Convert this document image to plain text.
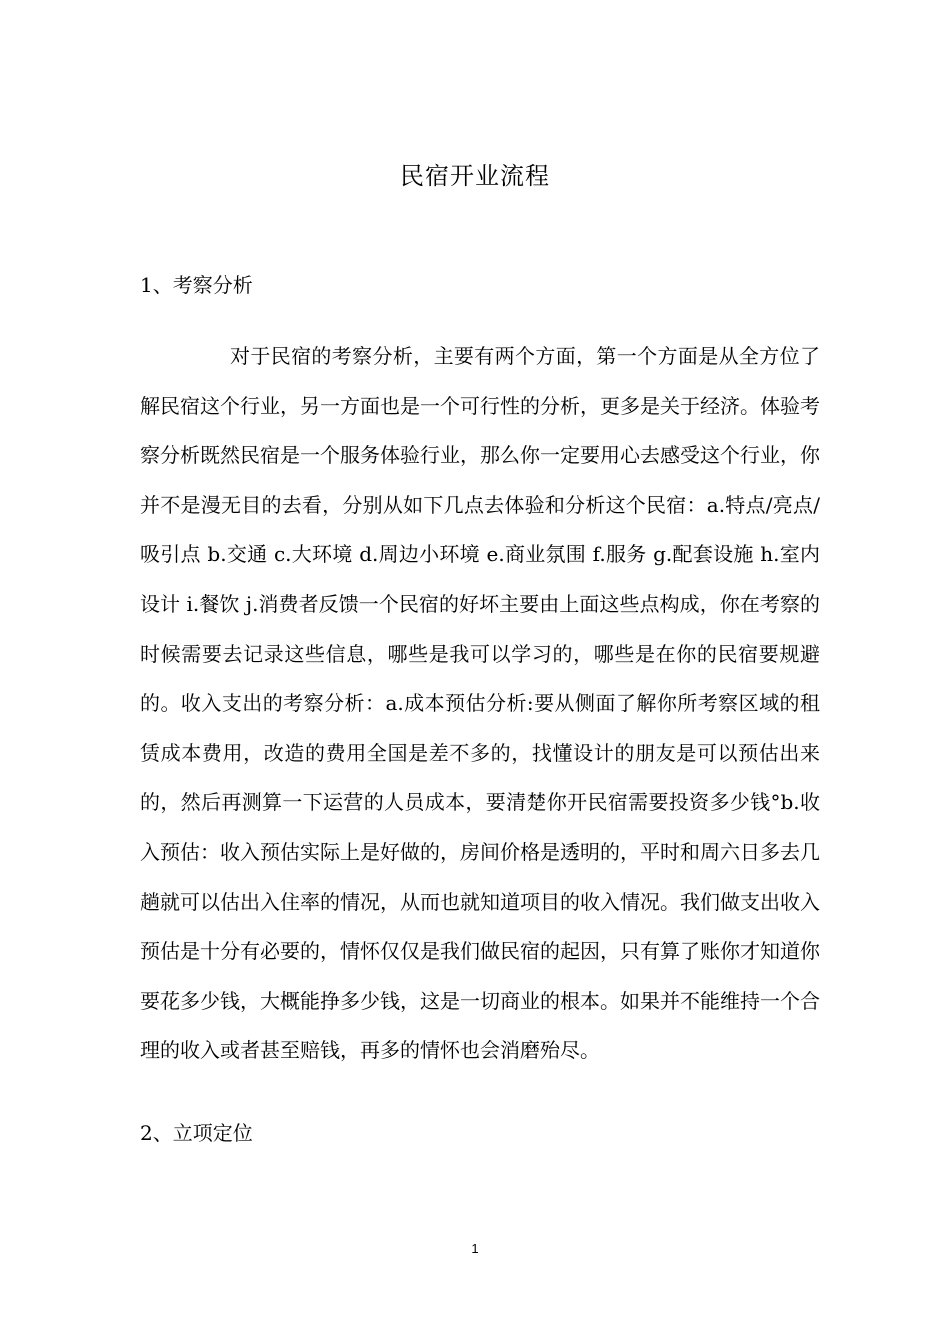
民宿开业流程
1、考察分析

对于民宿的考察分析，主要有两个方面，第一个方面是从全方位了解民宿这个行业，另一方面也是一个可行性的分析，更多是关于经济。体验考察分析既然民宿是一个服务体验行业，那么你一定要用心去感受这个行业，你并不是漫无目的去看，分别从如下几点去体验和分析这个民宿：a.特点/亮点/吸引点 b.交通 c.大环境 d.周边小环境 e.商业氛围 f.服务 g.配套设施 h.室内设计 i.餐饮 j.消费者反馈一个民宿的好坏主要由上面这些点构成，你在考察的时候需要去记录这些信息，哪些是我可以学习的，哪些是在你的民宿要规避的。收入支出的考察分析：a.成本预估分析:要从侧面了解你所考察区域的租赁成本费用，改造的费用全国是差不多的，找懂设计的朋友是可以预估出来的，然后再测算一下运营的人员成本，要清楚你开民宿需要投资多少钱°b.收入预估：收入预估实际上是好做的，房间价格是透明的，平时和周六日多去几趟就可以估出入住率的情况，从而也就知道项目的收入情况。我们做支出收入预估是十分有必要的，情怀仅仅是我们做民宿的起因，只有算了账你才知道你要花多少钱，大概能挣多少钱，这是一切商业的根本。如果并不能维持一个合理的收入或者甚至赔钱，再多的情怀也会消磨殆尽。

2、立项定位
1
